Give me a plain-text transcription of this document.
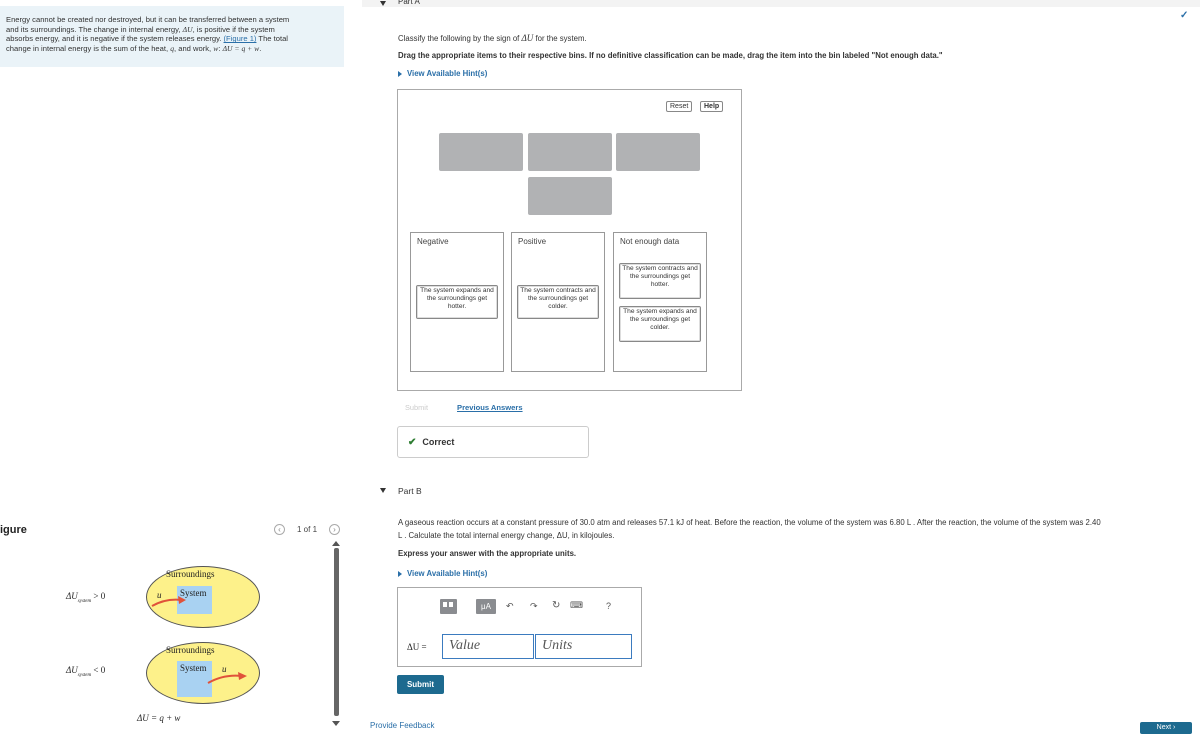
Energy cannot be created nor destroyed, but it can be transferred between a system
and its surroundings. The change in internal energy, ΔU, is positive if the system
absorbs energy, and it is negative if the system releases energy. (Figure 1) The total
change in internal energy is the sum of the heat, q, and work, w: ΔU = q + w.
igure	‹	1 of 1	›
$\Delta U_{system} > 0$
Surroundings
System
u
$\Delta U_{system} < 0$
Surroundings
System	u
ΔU = q + w
Part A
✓
Classify the following by the sign of ΔU for the system.
Drag the appropriate items to their respective bins. If no definitive classification can be made, drag the item into the bin labeled "Not enough data."
View Available Hint(s)
Reset	Help
Negative
The system expands and the surroundings get hotter.
Positive
The system contracts and the surroundings get colder.
Not enough data
The system contracts and the surroundings get hotter.
The system expands and the surroundings get colder.
Submit	Previous Answers
✔ Correct
Part B
A gaseous reaction occurs at a constant pressure of 30.0 atm and releases 57.1 kJ of heat. Before the reaction, the volume of the system was 6.80 L . After the reaction, the volume of the system was 2.40
L . Calculate the total internal energy change, ΔU, in kilojoules.
Express your answer with the appropriate units.
View Available Hint(s)
μA	↶ ↷ ↻ ⌨	?
ΔU =	Value	Units
Submit
Provide Feedback	Next ›
